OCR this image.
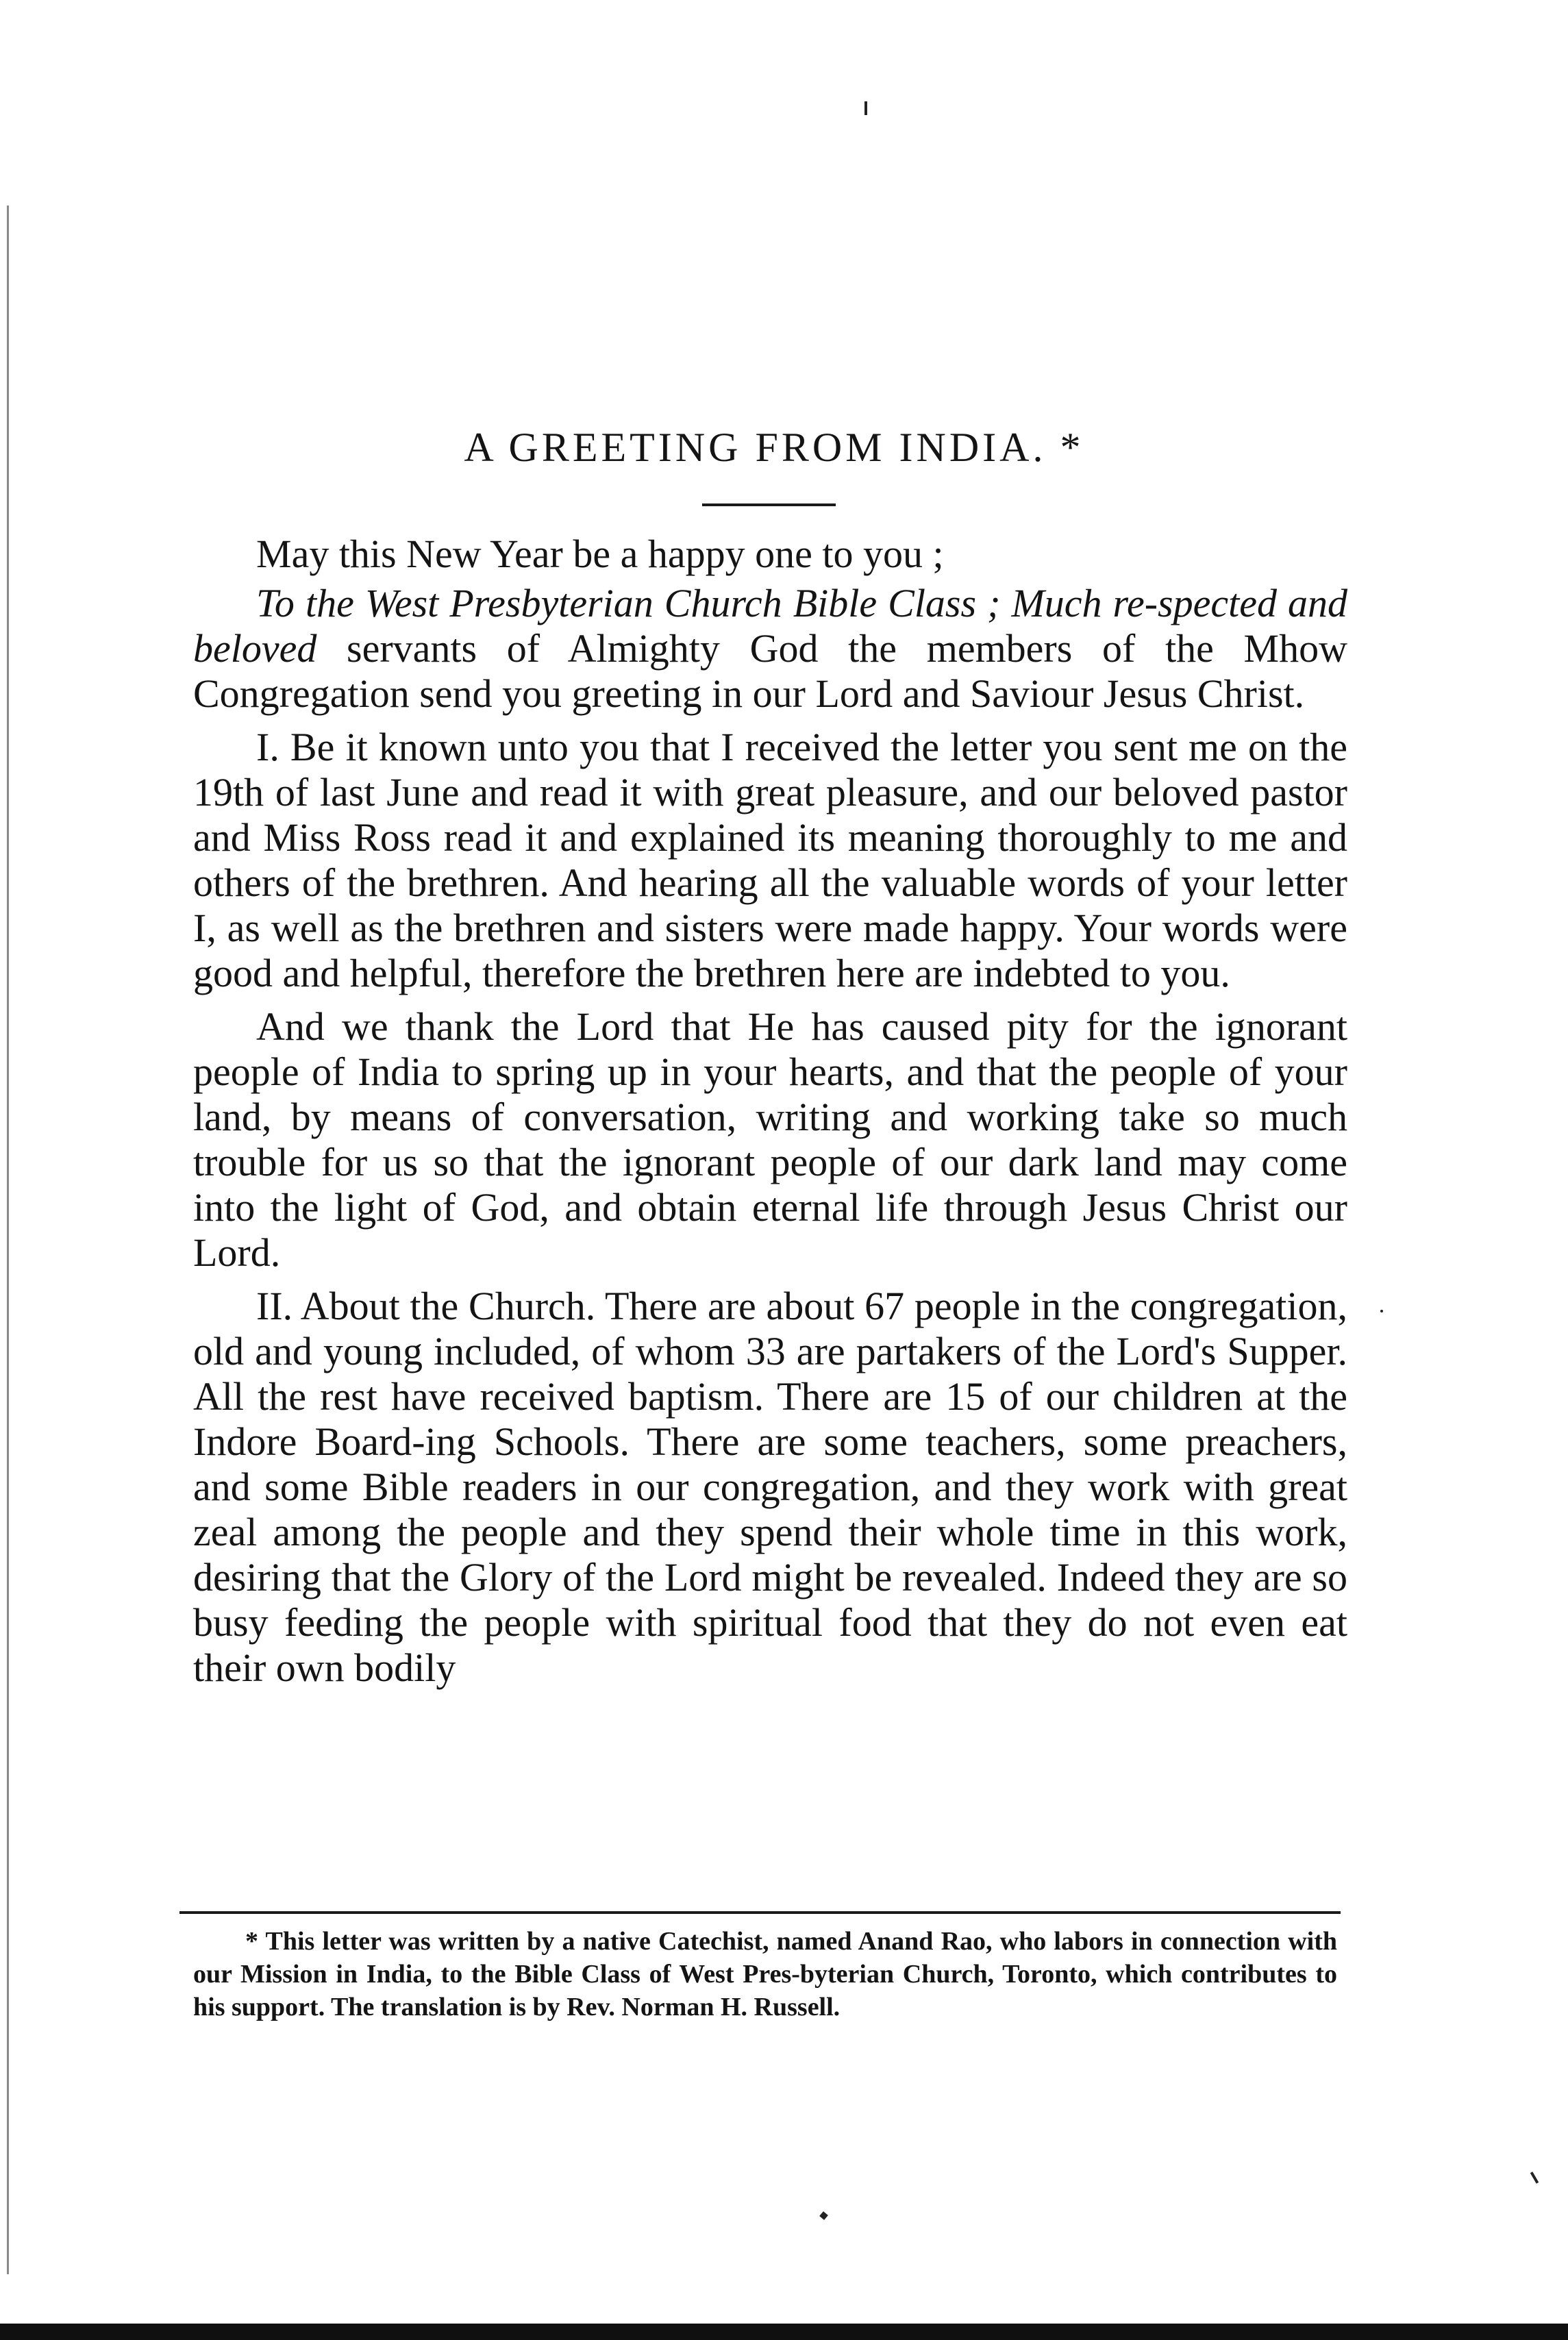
A GREETING FROM INDIA. *

May this New Year be a happy one to you ;

To the West Presbyterian Church Bible Class ; Much re-spected and beloved servants of Almighty God the members of the Mhow Congregation send you greeting in our Lord and Saviour Jesus Christ.

I. Be it known unto you that I received the letter you sent me on the 19th of last June and read it with great pleasure, and our beloved pastor and Miss Ross read it and explained its meaning thoroughly to me and others of the brethren. And hearing all the valuable words of your letter I, as well as the brethren and sisters were made happy. Your words were good and helpful, therefore the brethren here are indebted to you.

And we thank the Lord that He has caused pity for the ignorant people of India to spring up in your hearts, and that the people of your land, by means of conversation, writing and working take so much trouble for us so that the ignorant people of our dark land may come into the light of God, and obtain eternal life through Jesus Christ our Lord.

II. About the Church. There are about 67 people in the congregation, old and young included, of whom 33 are partakers of the Lord's Supper. All the rest have received baptism. There are 15 of our children at the Indore Board-ing Schools. There are some teachers, some preachers, and some Bible readers in our congregation, and they work with great zeal among the people and they spend their whole time in this work, desiring that the Glory of the Lord might be revealed. Indeed they are so busy feeding the people with spiritual food that they do not even eat their own bodily

* This letter was written by a native Catechist, named Anand Rao, who labors in connection with our Mission in India, to the Bible Class of West Pres-byterian Church, Toronto, which contributes to his support. The translation is by Rev. Norman H. Russell.
